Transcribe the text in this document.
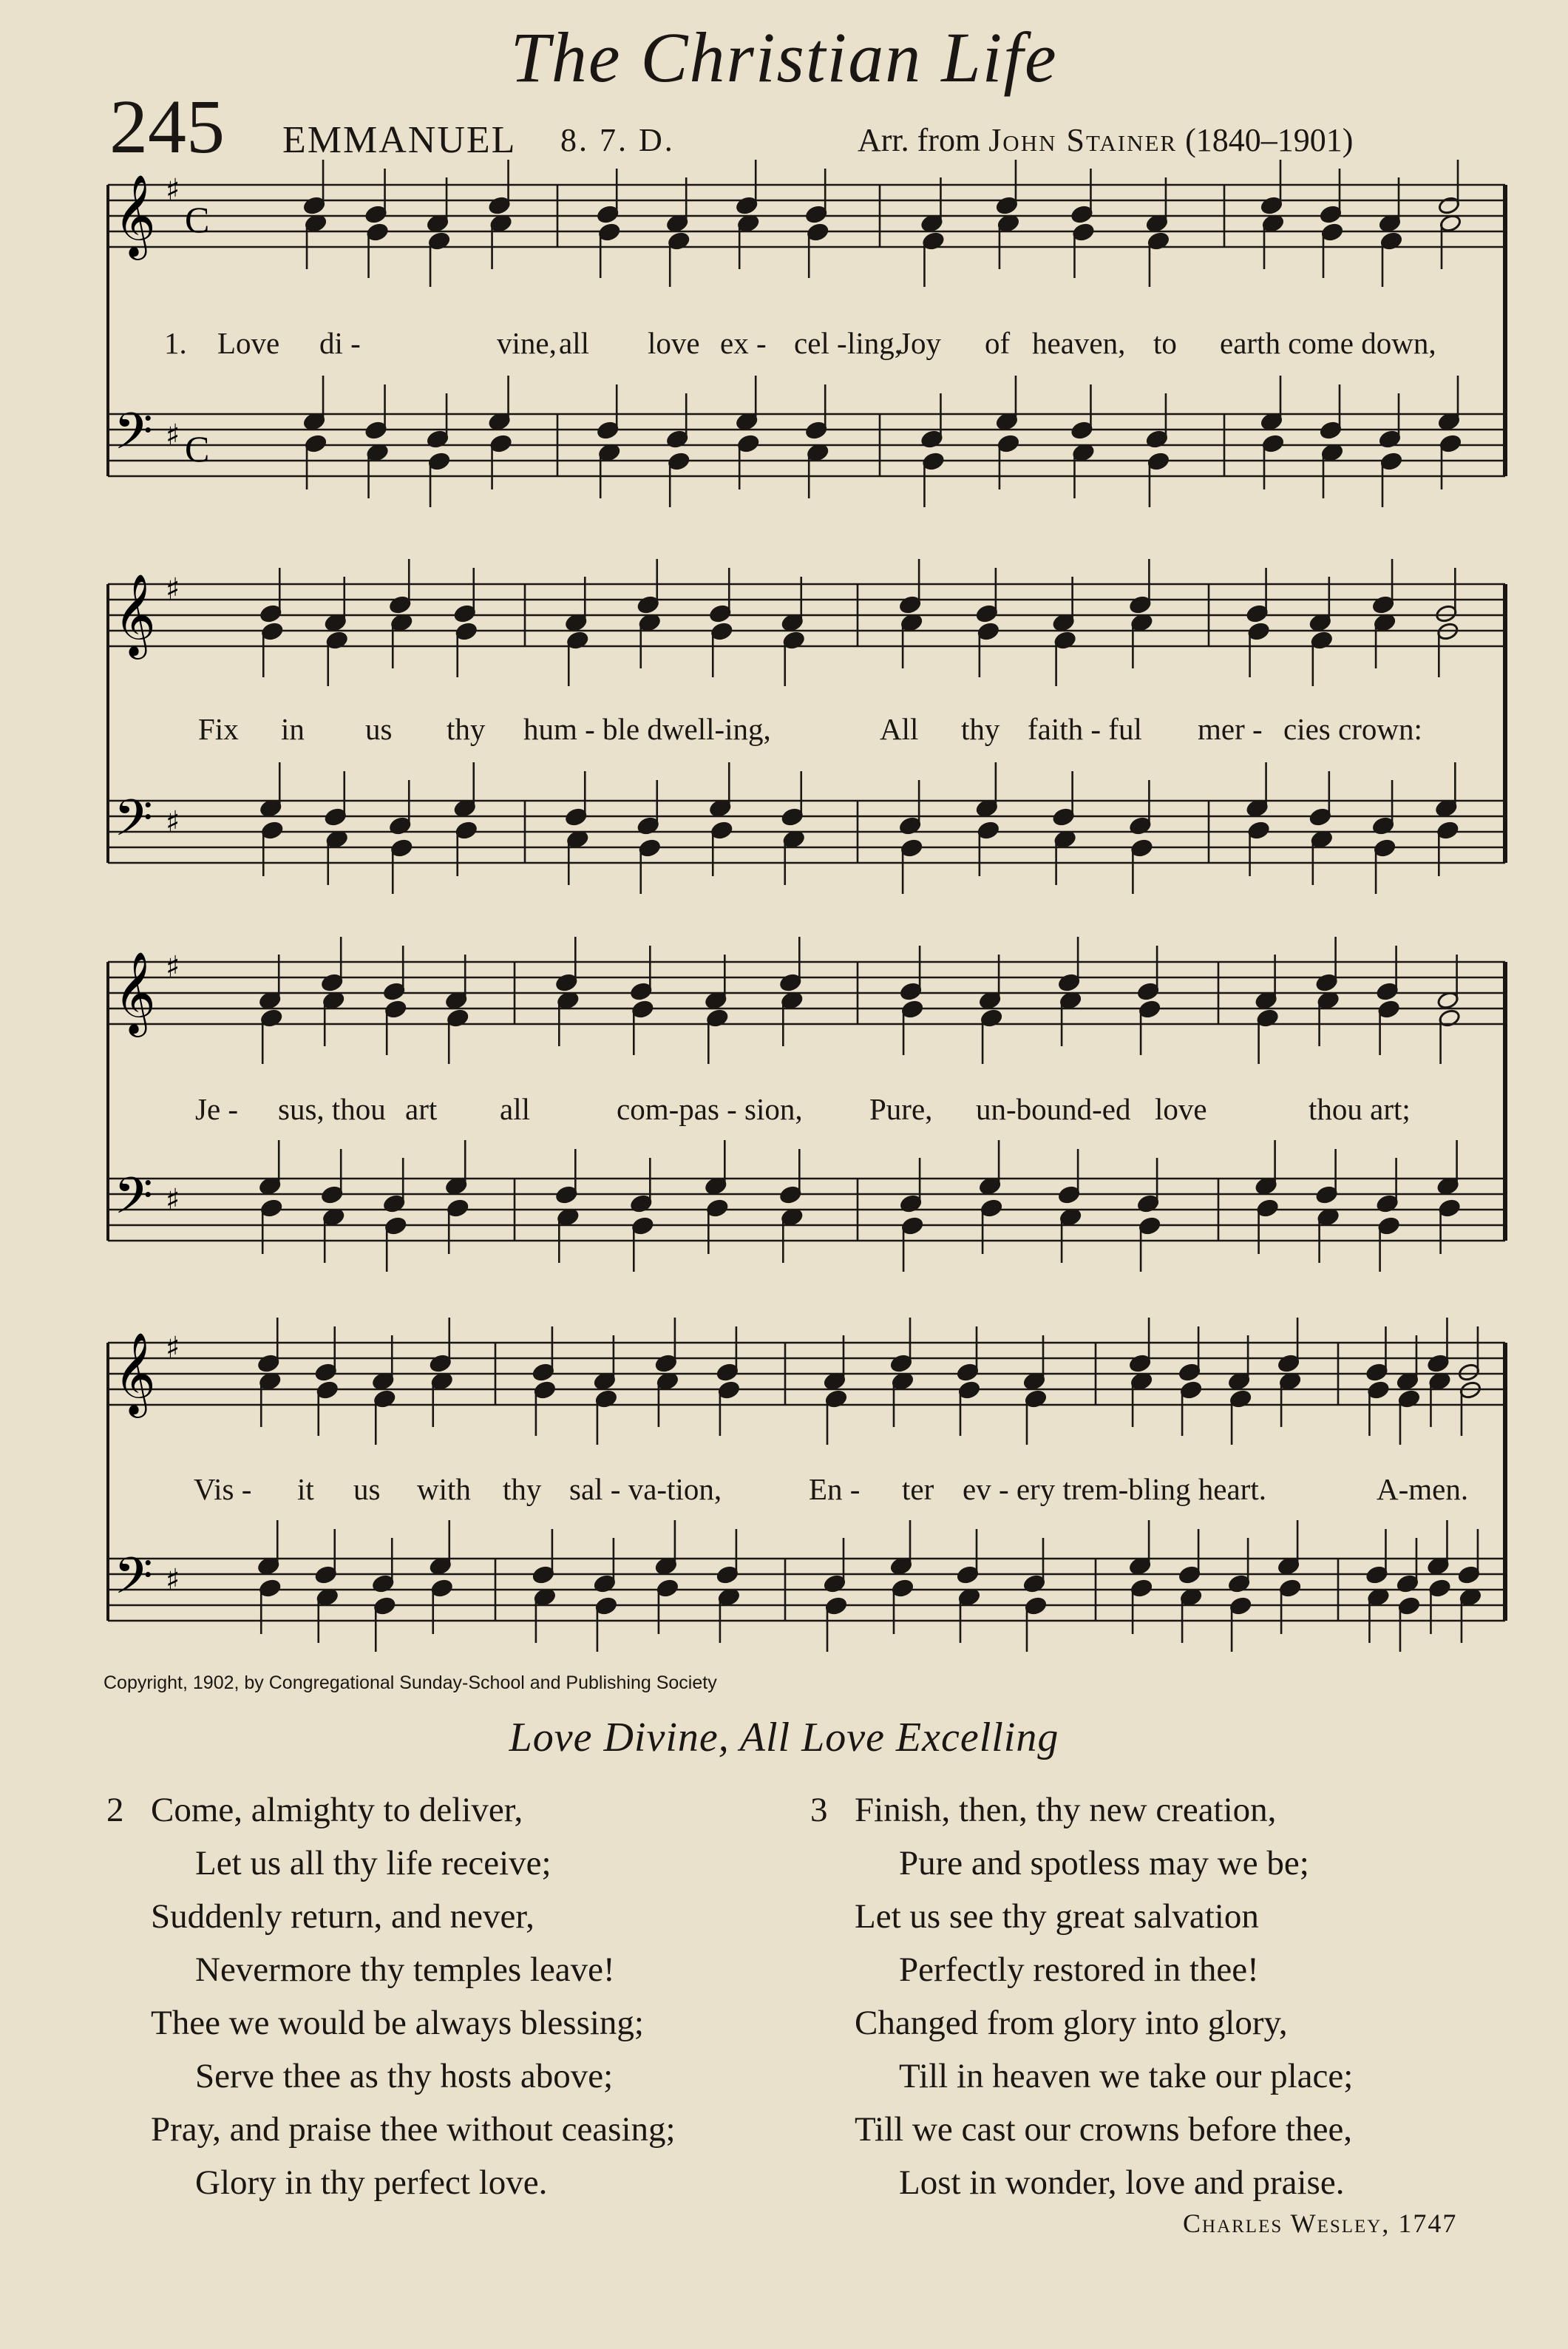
The Christian Life
245 EMMANUEL 8. 7. D.	Arr. from John Stainer (1840–1901)
𝄞
𝄢
♯
♯
C
C
𝄞
𝄢
♯
♯
𝄞
𝄢
♯
♯
𝄞
𝄢
♯
♯
1. Love di -	vine, all love ex - cel - ling,
Joy of heaven, to earth come down,
Fix in us thy hum - ble dwell-ing,	All thy faith - ful mer - cies crown:
Je - sus, thou art all	com-pas - sion, Pure, un-bound-ed love	thou art;
Vis - it us with thy sal - va-tion,	En - ter ev - ery trem-bling heart.	A-men.
Copyright, 1902, by Congregational Sunday-School and Publishing Society
Love Divine, All Love Excelling
2 Come, almighty to deliver,
Let us all thy life receive;
Suddenly return, and never,
Nevermore thy temples leave!
Thee we would be always blessing;
Serve thee as thy hosts above;
Pray, and praise thee without ceasing;
Glory in thy perfect love.
3 Finish, then, thy new creation,
Pure and spotless may we be;
Let us see thy great salvation
Perfectly restored in thee!
Changed from glory into glory,
Till in heaven we take our place;
Till we cast our crowns before thee,
Lost in wonder, love and praise.
Charles Wesley, 1747
